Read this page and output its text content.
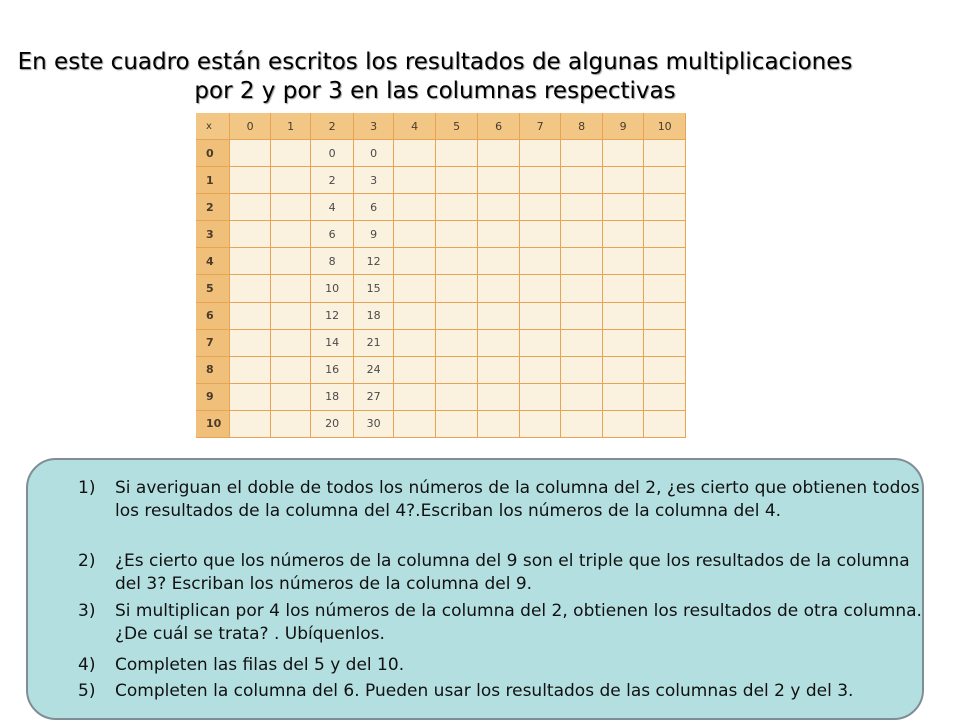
En este cuadro están escritos los resultados de algunas multiplicaciones
por 2 y por 3 en las columnas respectivas
x	0	1	2	3	4	5	6	7	8	9	10
0			0	0							
1			2	3							
2			4	6							
3			6	9							
4			8	12							
5			10	15							
6			12	18							
7			14	21							
8			16	24							
9			18	27							
10			20	30							
1)	Si averiguan el doble de todos los números de la columna del 2, ¿es cierto que obtienen todos los resultados de la columna del 4?.Escriban los números de la columna del 4.
2)	¿Es cierto que los números de la columna del 9 son el triple que los resultados de la columna del 3? Escriban los números de la columna del 9.
3)	Si multiplican por 4 los números de la columna del 2, obtienen los resultados de otra columna. ¿De cuál se trata? . Ubíquenlos.
4)	Completen las filas del 5 y del 10.
5)	Completen la columna del 6. Pueden usar los resultados de las columnas del 2 y del 3.
